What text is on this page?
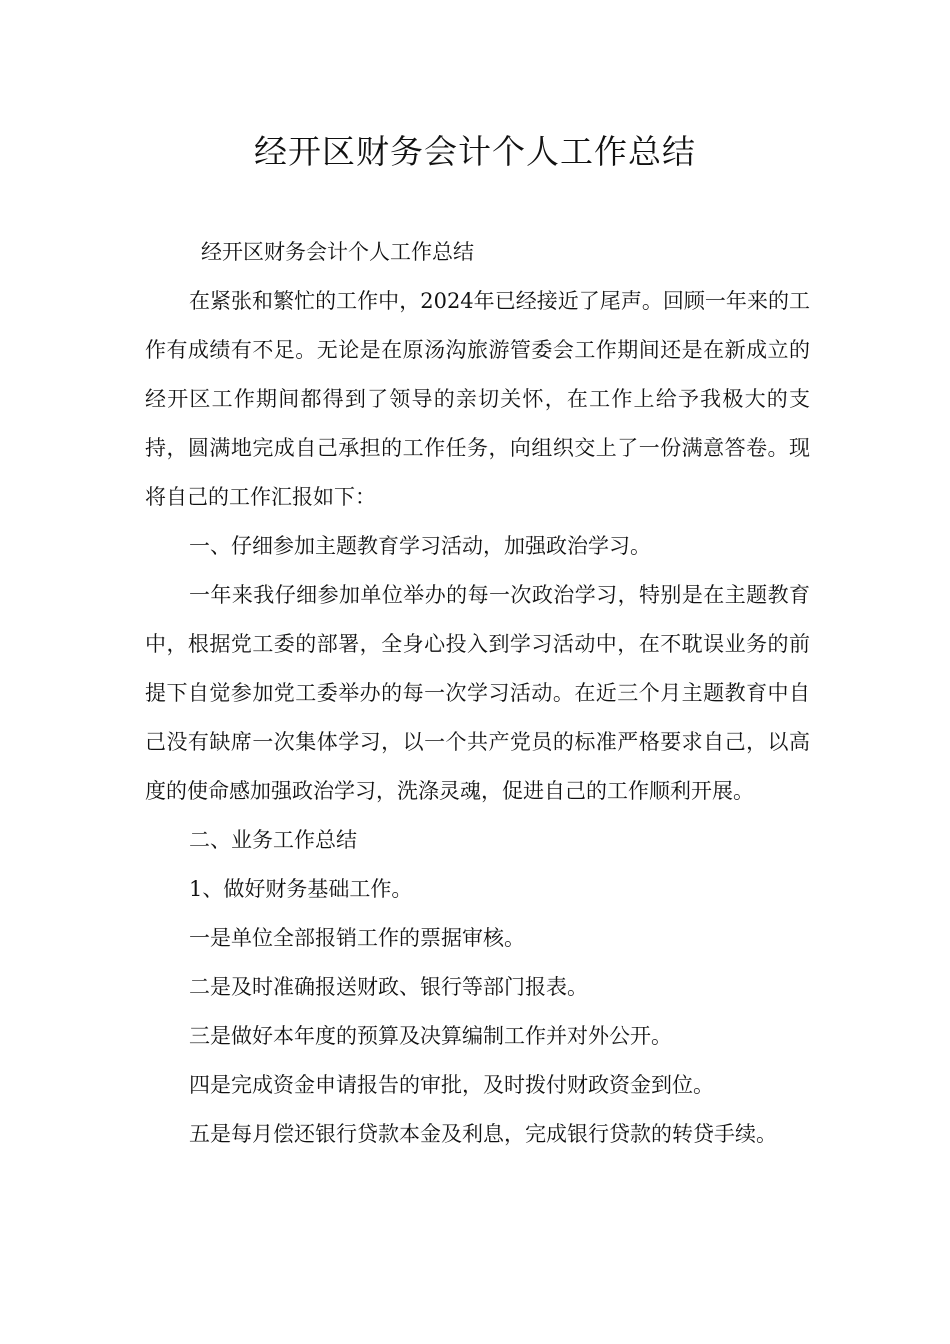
经开区财务会计个人工作总结

经开区财务会计个人工作总结

在紧张和繁忙的工作中，2024年已经接近了尾声。回顾一年来的工作有成绩有不足。无论是在原汤沟旅游管委会工作期间还是在新成立的经开区工作期间都得到了领导的亲切关怀，在工作上给予我极大的支持，圆满地完成自己承担的工作任务，向组织交上了一份满意答卷。现将自己的工作汇报如下：

一、仔细参加主题教育学习活动，加强政治学习。

一年来我仔细参加单位举办的每一次政治学习，特别是在主题教育中，根据党工委的部署，全身心投入到学习活动中，在不耽误业务的前提下自觉参加党工委举办的每一次学习活动。在近三个月主题教育中自己没有缺席一次集体学习，以一个共产党员的标准严格要求自己，以高度的使命感加强政治学习，洗涤灵魂，促进自己的工作顺利开展。

二、业务工作总结

1、做好财务基础工作。

一是单位全部报销工作的票据审核。

二是及时准确报送财政、银行等部门报表。

三是做好本年度的预算及决算编制工作并对外公开。

四是完成资金申请报告的审批，及时拨付财政资金到位。

五是每月偿还银行贷款本金及利息，完成银行贷款的转贷手续。
